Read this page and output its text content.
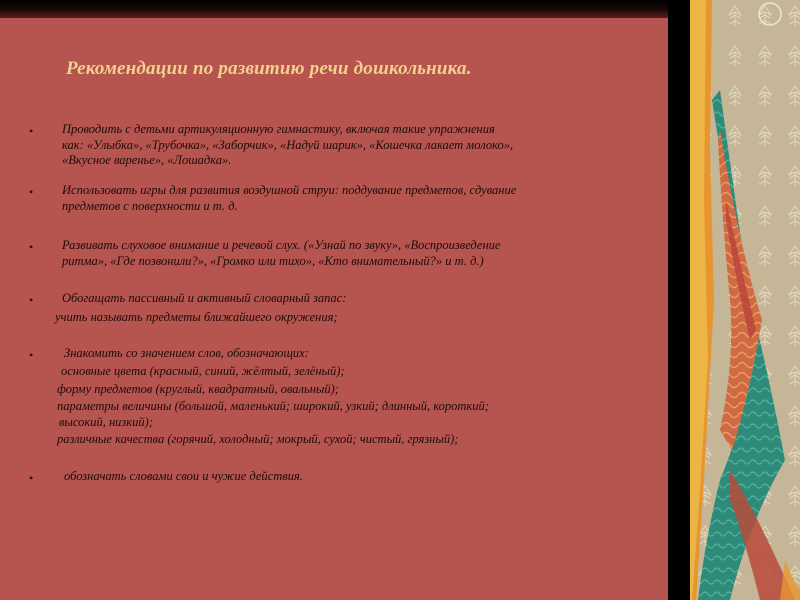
Рекомендации по развитию речи дошкольника.
• Проводить с детьми артикуляционную гимнастику, включая такие упражнения
как: «Улыбка», «Трубочка», «Заборчик», «Надуй шарик», «Кошечка лакает молоко»,
«Вкусное варенье», «Лошадка».
• Использовать игры для развития воздушной струи: поддувание предметов, сдувание
предметов с поверхности и т. д.
• Развивать слуховое внимание и речевой слух. («Узнай по звуку», «Воспроизведение
ритма», «Где позвонили?», «Громко или тихо», «Кто внимательный?» и т. д.)
• Обогащать пассивный и активный словарный запас:
учить называть предметы ближайшего окружения;
• Знакомить со значением слов, обозначающих:
основные цвета (красный, синий, жёлтый, зелёный);
форму предметов (круглый, квадратный, овальный);
параметры величины (большой, маленький; широкий, узкий; длинный, короткий;
высокий, низкий);
различные качества (горячий, холодный; мокрый, сухой; чистый, грязный);
• обозначать словами свои и чужие действия.
